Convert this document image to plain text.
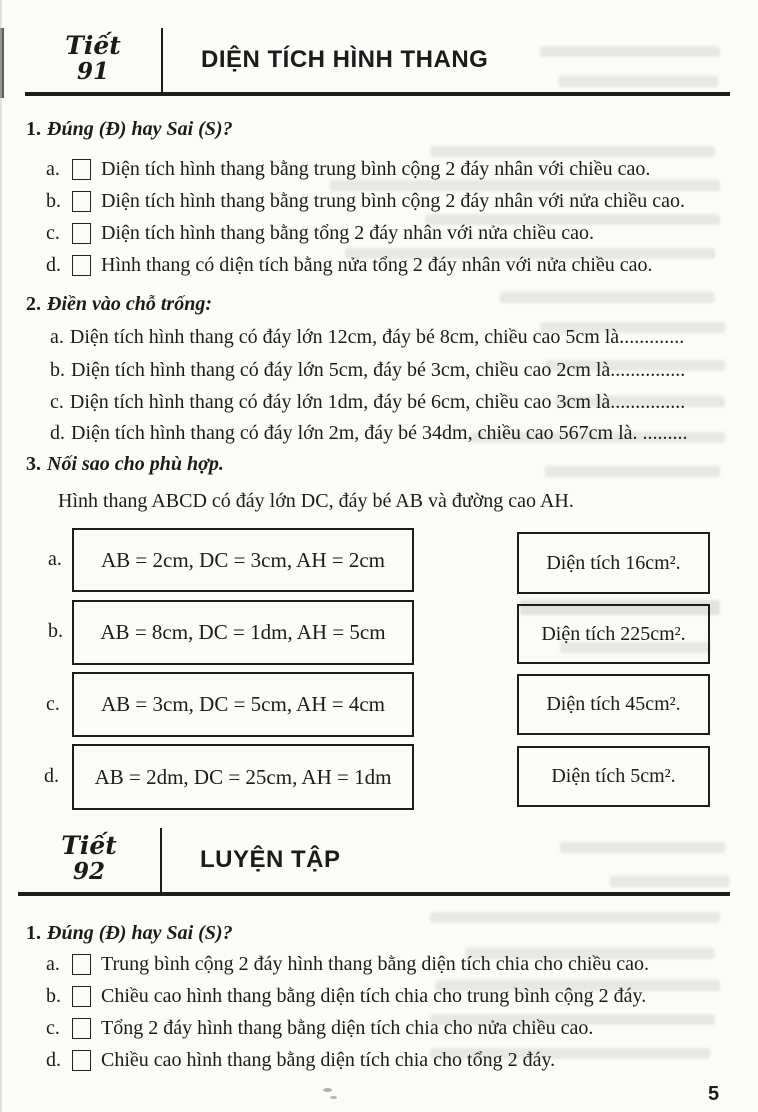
Tiết
91	DIỆN TÍCH HÌNH THANG
1. Đúng (Đ) hay Sai (S)?
a.	Diện tích hình thang bằng trung bình cộng 2 đáy nhân với chiều cao.
b.	Diện tích hình thang bằng trung bình cộng 2 đáy nhân với nửa chiều cao.
c.	Diện tích hình thang bằng tổng 2 đáy nhân với nửa chiều cao.
d.	Hình thang có diện tích bằng nửa tổng 2 đáy nhân với nửa chiều cao.
2. Điền vào chỗ trống:
a. Diện tích hình thang có đáy lớn 12cm, đáy bé 8cm, chiều cao 5cm là.............
b. Diện tích hình thang có đáy lớn 5cm, đáy bé 3cm, chiều cao 2cm là...............
c. Diện tích hình thang có đáy lớn 1dm, đáy bé 6cm, chiều cao 3cm là...............
d. Diện tích hình thang có đáy lớn 2m, đáy bé 34dm, chiều cao 567cm là. .........
3. Nối sao cho phù hợp.
Hình thang ABCD có đáy lớn DC, đáy bé AB và đường cao AH.
a. AB = 2cm, DC = 3cm, AH = 2cm
b. AB = 8cm, DC = 1dm, AH = 5cm
c. AB = 3cm, DC = 5cm, AH = 4cm
d. AB = 2dm, DC = 25cm, AH = 1dm
Diện tích 16cm².
Diện tích 225cm².
Diện tích 45cm².
Diện tích 5cm².
Tiết
92	LUYỆN TẬP
1. Đúng (Đ) hay Sai (S)?
a.	Trung bình cộng 2 đáy hình thang bằng diện tích chia cho chiều cao.
b.	Chiều cao hình thang bằng diện tích chia cho trung bình cộng 2 đáy.
c.	Tổng 2 đáy hình thang bằng diện tích chia cho nửa chiều cao.
d.	Chiều cao hình thang bằng diện tích chia cho tổng 2 đáy.
5
